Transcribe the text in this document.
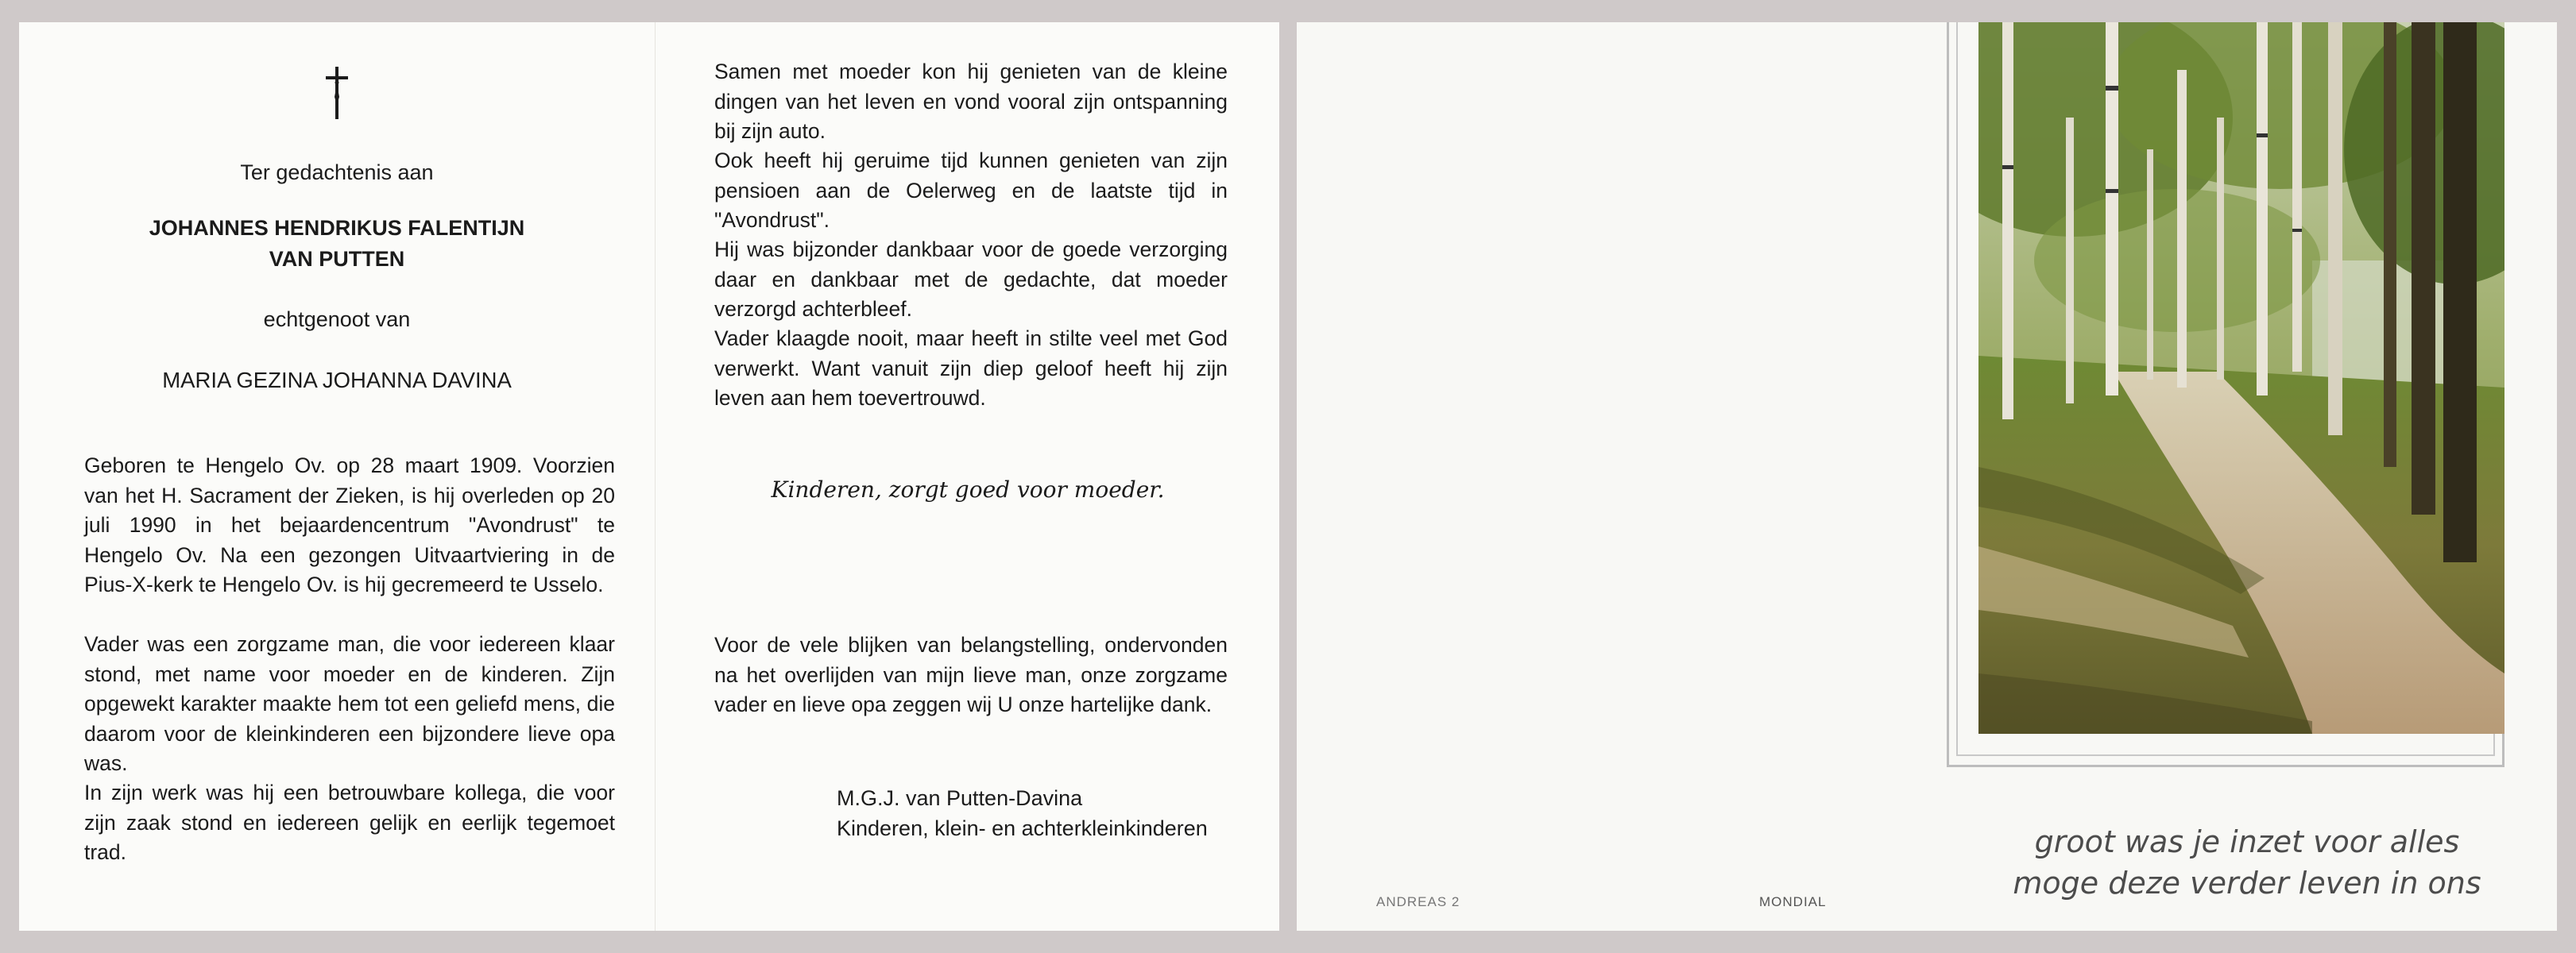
Ter gedachtenis aan
JOHANNES HENDRIKUS FALENTIJN
VAN PUTTEN
echtgenoot van
MARIA GEZINA JOHANNA DAVINA

Geboren te Hengelo Ov. op 28 maart 1909. Voorzien van het H. Sacrament der Zieken, is hij overleden op 20 juli 1990 in het bejaardencentrum "Avondrust" te Hengelo Ov. Na een gezongen Uitvaartviering in de Pius-X-kerk te Hengelo Ov. is hij gecremeerd te Usselo.

Vader was een zorgzame man, die voor iedereen klaar stond, met name voor moeder en de kinderen. Zijn opgewekt karakter maakte hem tot een geliefd mens, die daarom voor de kleinkinderen een bijzondere lieve opa was.

In zijn werk was hij een betrouwbare kollega, die voor zijn zaak stond en iedereen gelijk en eerlijk tegemoet trad.

Samen met moeder kon hij genieten van de kleine dingen van het leven en vond vooral zijn ontspanning bij zijn auto.

Ook heeft hij geruime tijd kunnen genieten van zijn pensioen aan de Oelerweg en de laatste tijd in "Avondrust".

Hij was bijzonder dankbaar voor de goede verzorging daar en dankbaar met de gedachte, dat moeder verzorgd achterbleef.

Vader klaagde nooit, maar heeft in stilte veel met God verwerkt. Want vanuit zijn diep geloof heeft hij zijn leven aan hem toevertrouwd.

Kinderen, zorgt goed voor moeder.

Voor de vele blijken van belangstelling, ondervonden na het overlijden van mijn lieve man, onze zorgzame vader en lieve opa zeggen wij U onze hartelijke dank.

M.G.J. van Putten-Davina
Kinderen, klein- en achterkleinkinderen	groot was je inzet voor alles
moge deze verder leven in ons
ANDREAS 2	MONDIAL
